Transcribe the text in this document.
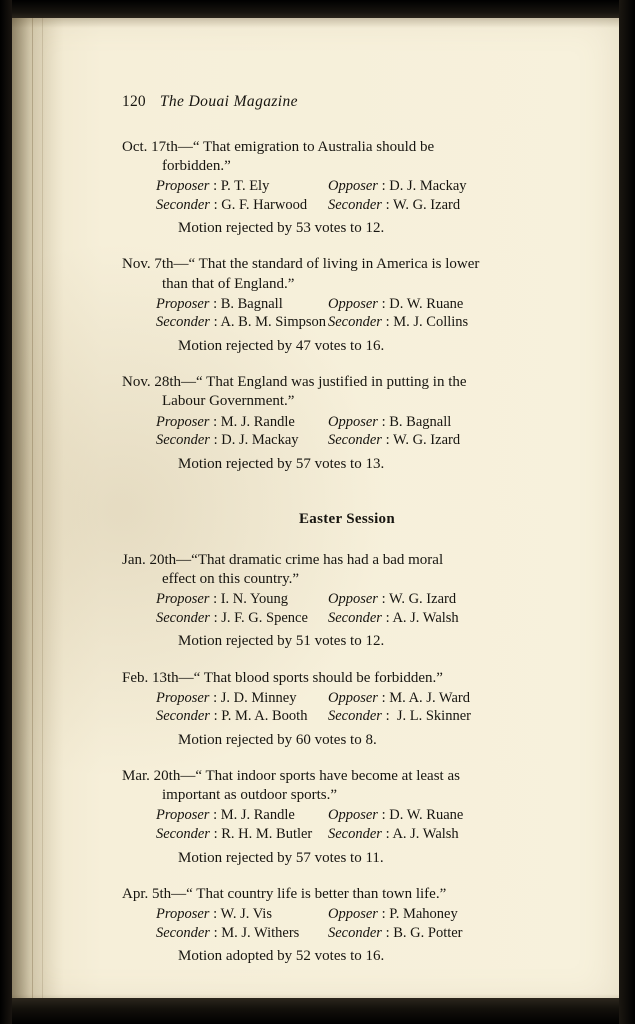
120 The Douai Magazine
Oct. 17th—“ That emigration to Australia should be
forbidden.”
Proposer : P. T. Ely	Opposer : D. J. Mackay
Seconder : G. F. Harwood	Seconder : W. G. Izard
Motion rejected by 53 votes to 12.
Nov. 7th—“ That the standard of living in America is lower
than that of England.”
Proposer : B. Bagnall	Opposer : D. W. Ruane
Seconder : A. B. M. Simpson Seconder : M. J. Collins
Motion rejected by 47 votes to 16.
Nov. 28th—“ That England was justified in putting in the
Labour Government.”
Proposer : M. J. Randle	Opposer : B. Bagnall
Seconder : D. J. Mackay	Seconder : W. G. Izard
Motion rejected by 57 votes to 13.
Easter Session
Jan. 20th—“That dramatic crime has had a bad moral
effect on this country.”
Proposer : I. N. Young	Opposer : W. G. Izard
Seconder : J. F. G. Spence	Seconder : A. J. Walsh
Motion rejected by 51 votes to 12.
Feb. 13th—“ That blood sports should be forbidden.”
Proposer : J. D. Minney	Opposer : M. A. J. Ward
Seconder : P. M. A. Booth	Seconder :  J. L. Skinner
Motion rejected by 60 votes to 8.
Mar. 20th—“ That indoor sports have become at least as
important as outdoor sports.”
Proposer : M. J. Randle	Opposer : D. W. Ruane
Seconder : R. H. M. Butler	Seconder : A. J. Walsh
Motion rejected by 57 votes to 11.
Apr. 5th—“ That country life is better than town life.”
Proposer : W. J. Vis	Opposer : P. Mahoney
Seconder : M. J. Withers	Seconder : B. G. Potter
Motion adopted by 52 votes to 16.
